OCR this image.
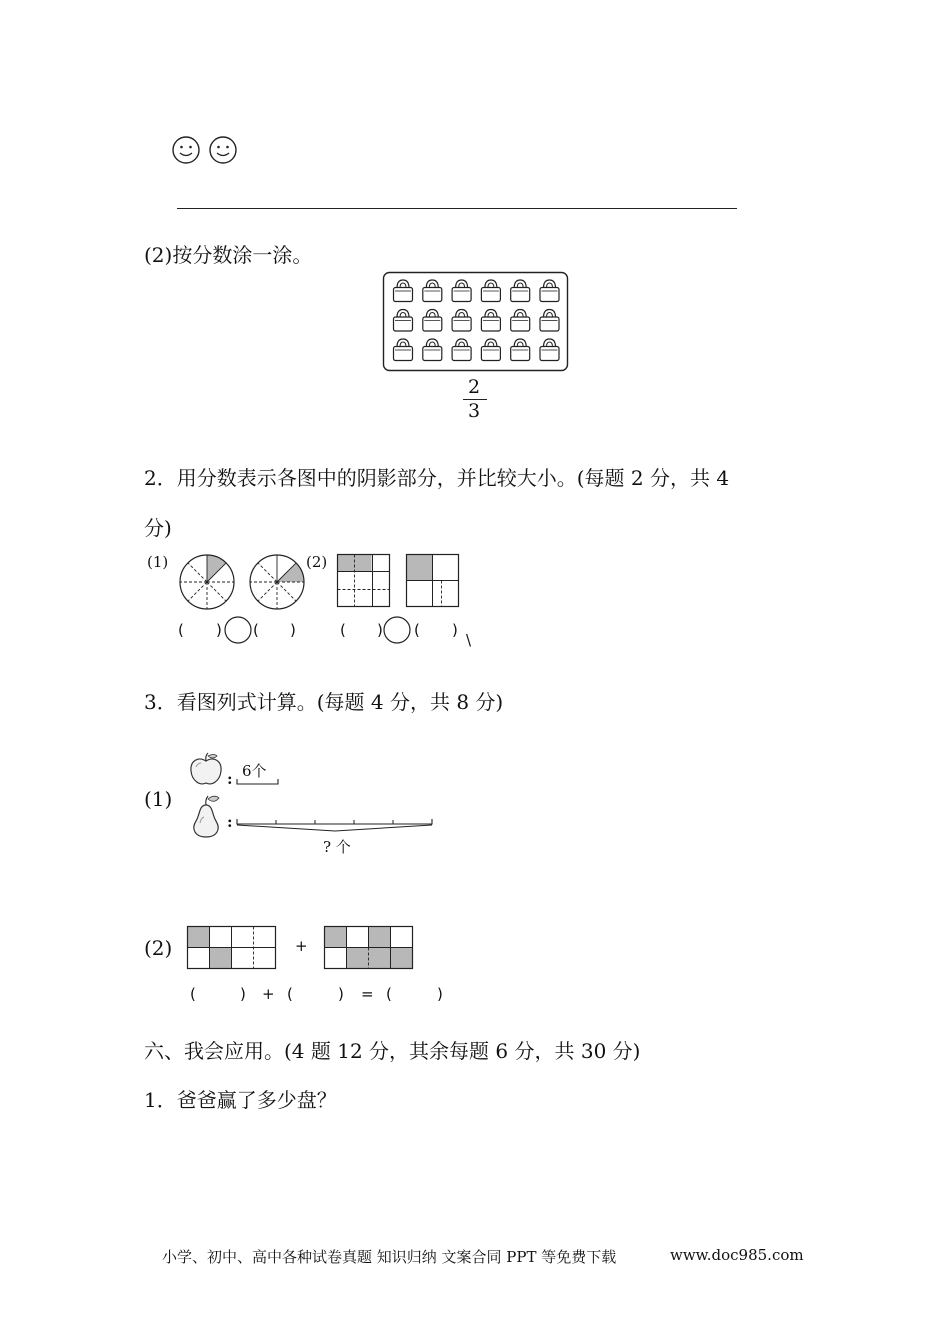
(2)按分数涂一涂。
2
3
2．用分数表示各图中的阴影部分，并比较大小。(每题 2 分，共 4
分)
(1)	(2)
( ) ( )	( ) ( )
\
3．看图列式计算。(每题 4 分，共 8 分)
(1)
: 6个
:
? 个
(2)	+
(	) + (	) = (	)
六、我会应用。(4 题 12 分，其余每题 6 分，共 30 分)
1．爸爸赢了多少盘？
小学、初中、高中各种试卷真题 知识归纳 文案合同 PPT 等免费下载	www.doc985.com
